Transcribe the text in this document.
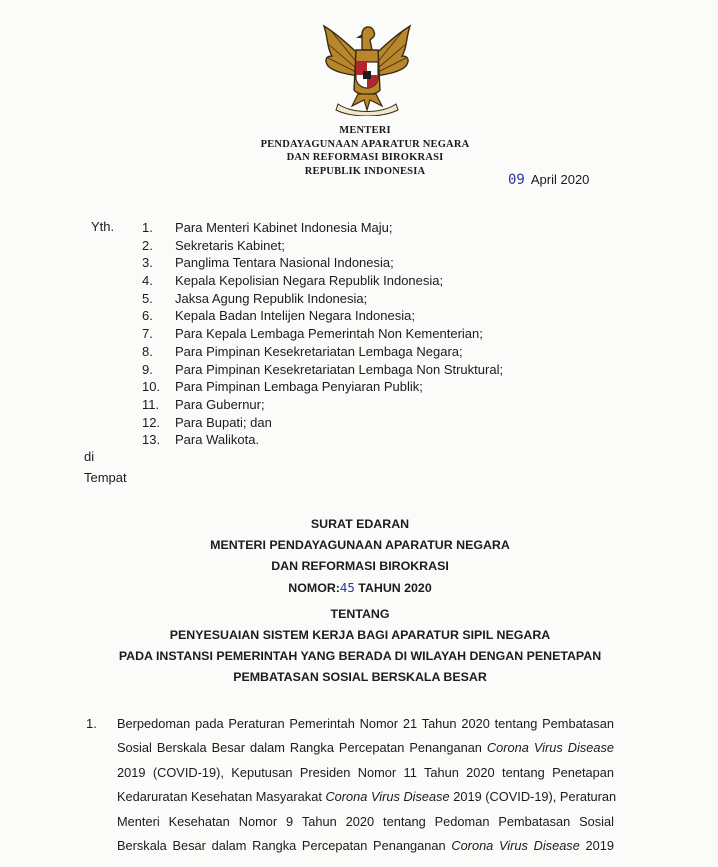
MENTERI
PENDAYAGUNAAN APARATUR NEGARA
DAN REFORMASI BIROKRASI
REPUBLIK INDONESIA
09 April 2020
Yth. 1. Para Menteri Kabinet Indonesia Maju;
2. Sekretaris Kabinet;
3. Panglima Tentara Nasional Indonesia;
4. Kepala Kepolisian Negara Republik Indonesia;
5. Jaksa Agung Republik Indonesia;
6. Kepala Badan Intelijen Negara Indonesia;
7. Para Kepala Lembaga Pemerintah Non Kementerian;
8. Para Pimpinan Kesekretariatan Lembaga Negara;
9. Para Pimpinan Kesekretariatan Lembaga Non Struktural;
10. Para Pimpinan Lembaga Penyiaran Publik;
11. Para Gubernur;
12. Para Bupati; dan
13. Para Walikota.
di
Tempat
SURAT EDARAN
MENTERI PENDAYAGUNAAN APARATUR NEGARA
DAN REFORMASI BIROKRASI
NOMOR:45 TAHUN 2020
TENTANG
PENYESUAIAN SISTEM KERJA BAGI APARATUR SIPIL NEGARA
PADA INSTANSI PEMERINTAH YANG BERADA DI WILAYAH DENGAN PENETAPAN
PEMBATASAN SOSIAL BERSKALA BESAR
1. Berpedoman pada Peraturan Pemerintah Nomor 21 Tahun 2020 tentang Pembatasan
Sosial Berskala Besar dalam Rangka Percepatan Penanganan Corona Virus Disease
2019 (COVID-19), Keputusan Presiden Nomor 11 Tahun 2020 tentang Penetapan
Kedaruratan Kesehatan Masyarakat Corona Virus Disease 2019 (COVID-19), Peraturan
Menteri Kesehatan Nomor 9 Tahun 2020 tentang Pedoman Pembatasan Sosial
Berskala Besar dalam Rangka Percepatan Penanganan Corona Virus Disease 2019
